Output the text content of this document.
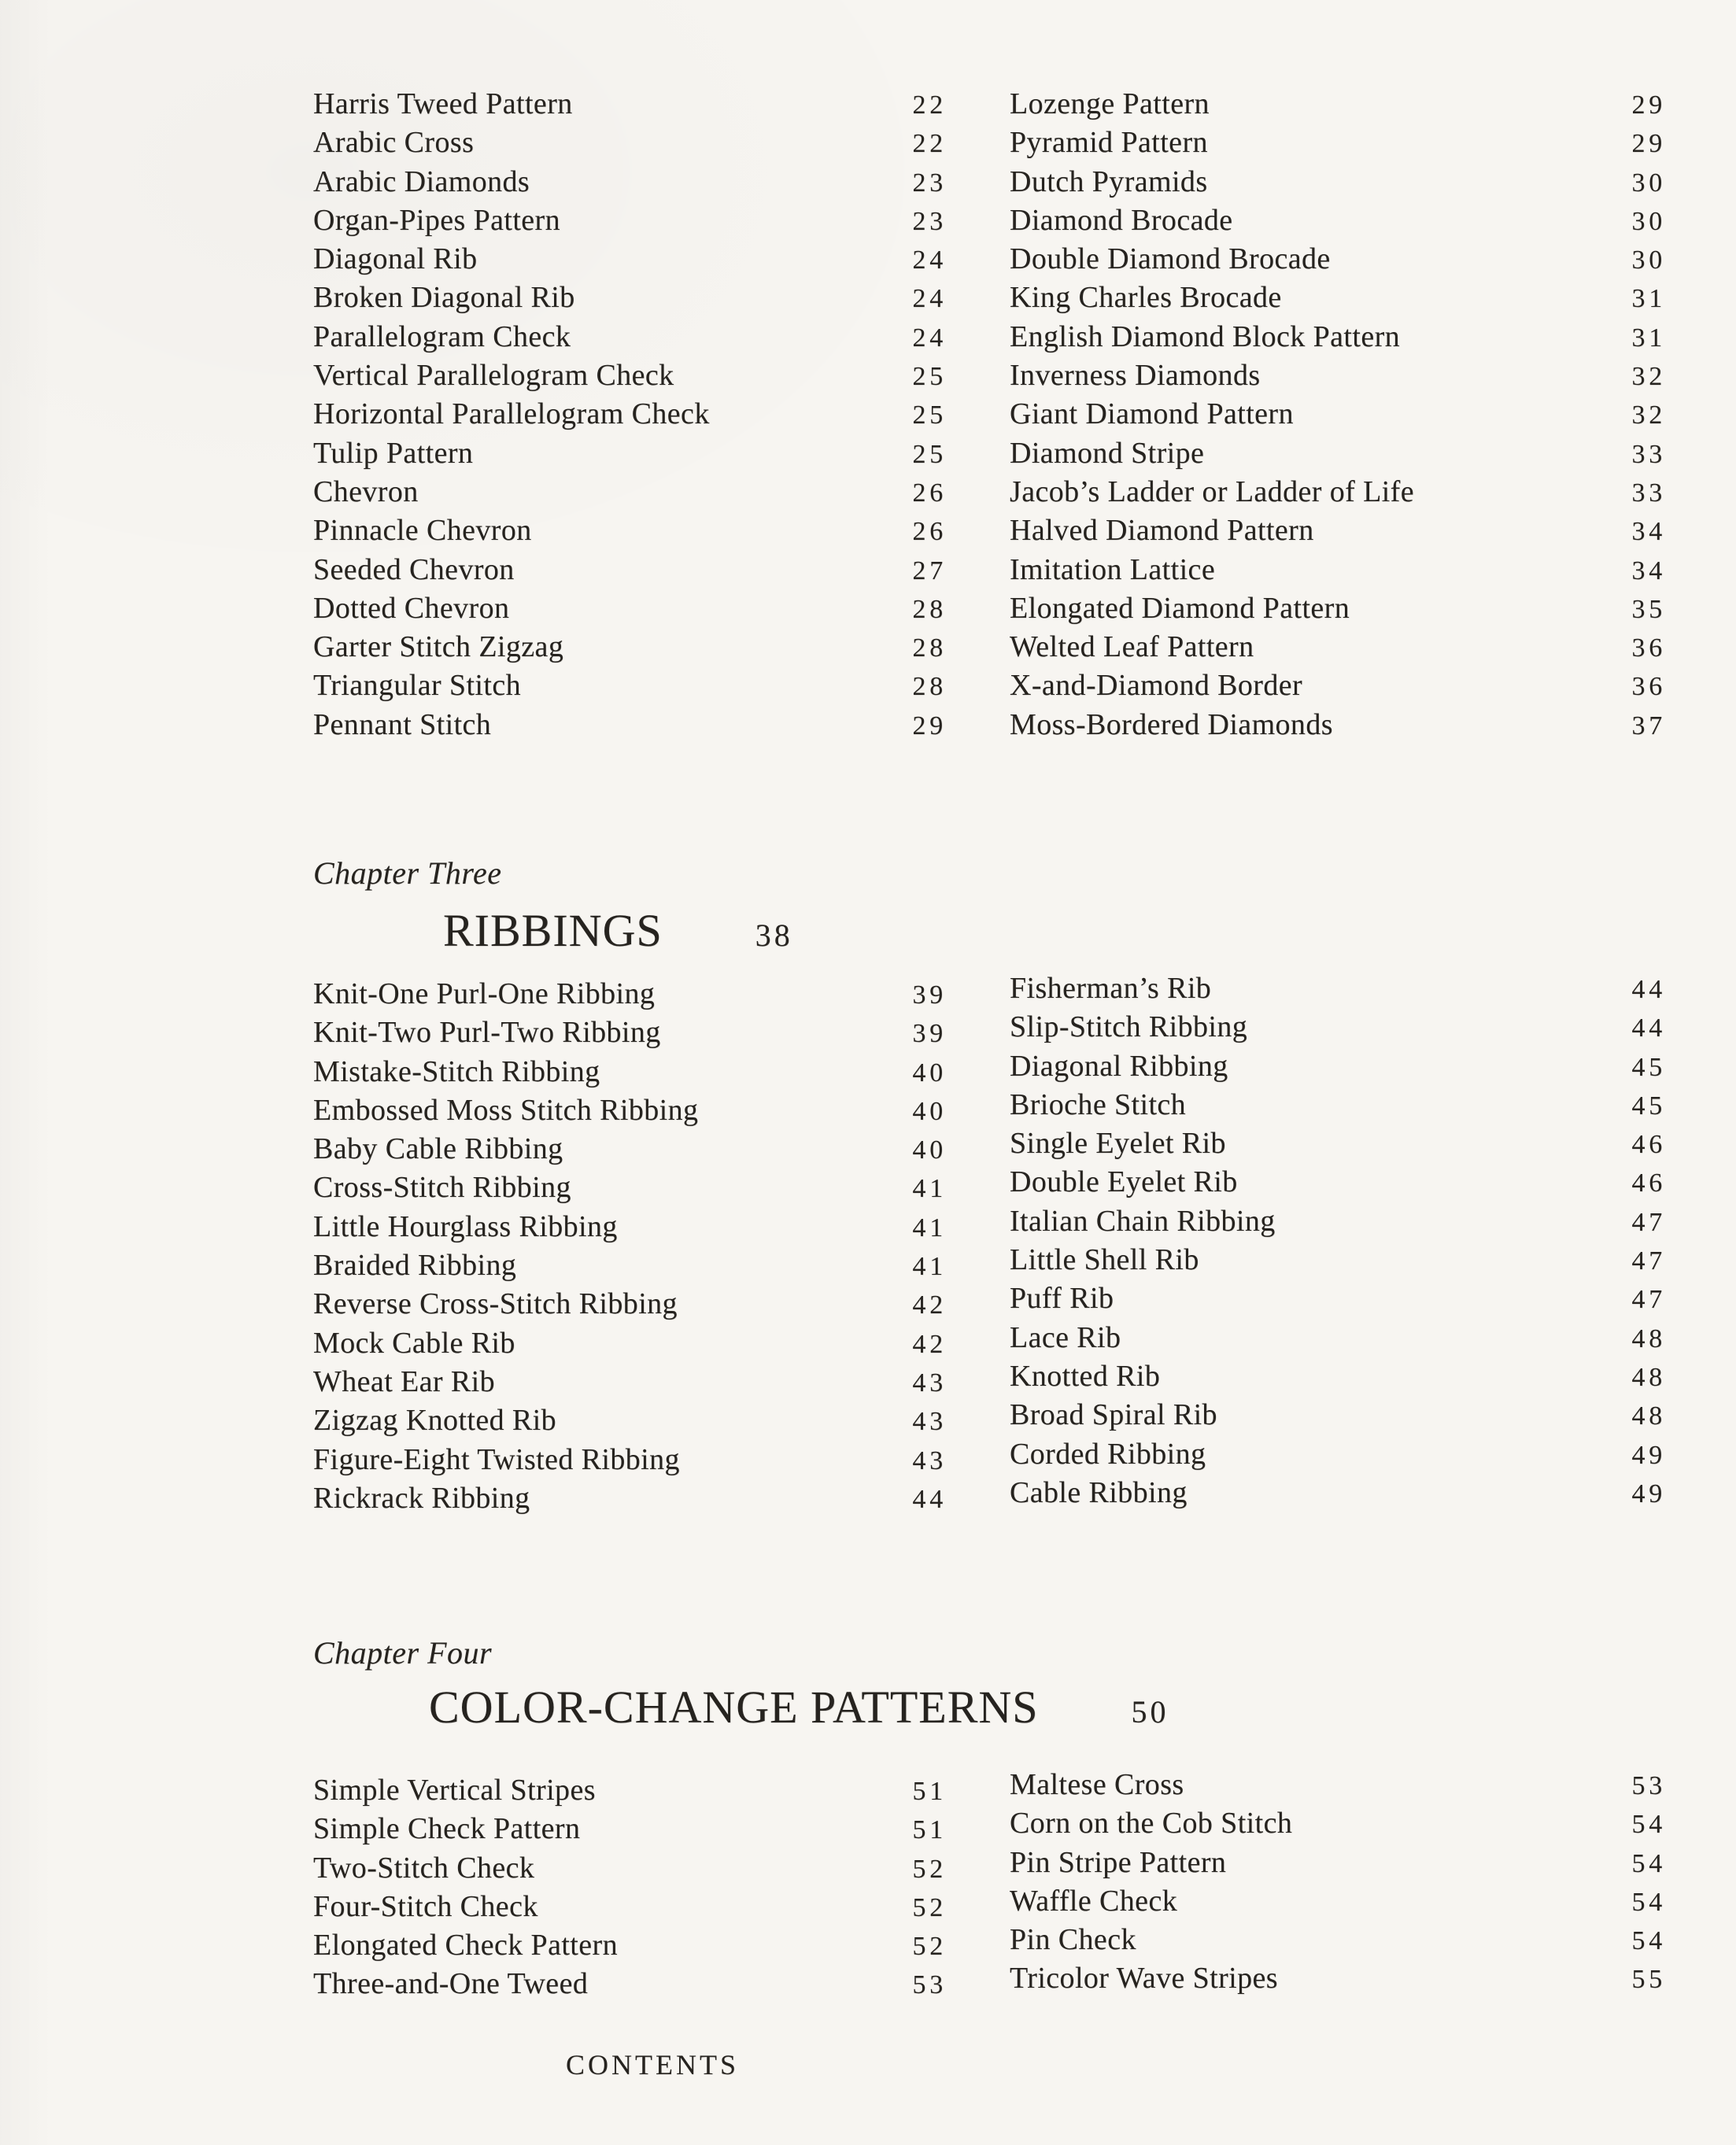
Harris Tweed Pattern	22
Arabic Cross	22
Arabic Diamonds	23
Organ-Pipes Pattern	23
Diagonal Rib	24
Broken Diagonal Rib	24
Parallelogram Check	24
Vertical Parallelogram Check	25
Horizontal Parallelogram Check	25
Tulip Pattern	25
Chevron	26
Pinnacle Chevron	26
Seeded Chevron	27
Dotted Chevron	28
Garter Stitch Zigzag	28
Triangular Stitch	28
Pennant Stitch	29
Lozenge Pattern	29
Pyramid Pattern	29
Dutch Pyramids	30
Diamond Brocade	30
Double Diamond Brocade	30
King Charles Brocade	31
English Diamond Block Pattern	31
Inverness Diamonds	32
Giant Diamond Pattern	32
Diamond Stripe	33
Jacob’s Ladder or Ladder of Life	33
Halved Diamond Pattern	34
Imitation Lattice	34
Elongated Diamond Pattern	35
Welted Leaf Pattern	36
X-and-Diamond Border	36
Moss-Bordered Diamonds	37
Chapter Three
RIBBINGS	38
Knit-One Purl-One Ribbing	39
Knit-Two Purl-Two Ribbing	39
Mistake-Stitch Ribbing	40
Embossed Moss Stitch Ribbing	40
Baby Cable Ribbing	40
Cross-Stitch Ribbing	41
Little Hourglass Ribbing	41
Braided Ribbing	41
Reverse Cross-Stitch Ribbing	42
Mock Cable Rib	42
Wheat Ear Rib	43
Zigzag Knotted Rib	43
Figure-Eight Twisted Ribbing	43
Rickrack Ribbing	44
Fisherman’s Rib	44
Slip-Stitch Ribbing	44
Diagonal Ribbing	45
Brioche Stitch	45
Single Eyelet Rib	46
Double Eyelet Rib	46
Italian Chain Ribbing	47
Little Shell Rib	47
Puff Rib	47
Lace Rib	48
Knotted Rib	48
Broad Spiral Rib	48
Corded Ribbing	49
Cable Ribbing	49
Chapter Four
COLOR-CHANGE PATTERNS	50
Simple Vertical Stripes	51
Simple Check Pattern	51
Two-Stitch Check	52
Four-Stitch Check	52
Elongated Check Pattern	52
Three-and-One Tweed	53
Maltese Cross	53
Corn on the Cob Stitch	54
Pin Stripe Pattern	54
Waffle Check	54
Pin Check	54
Tricolor Wave Stripes	55
CONTENTS
